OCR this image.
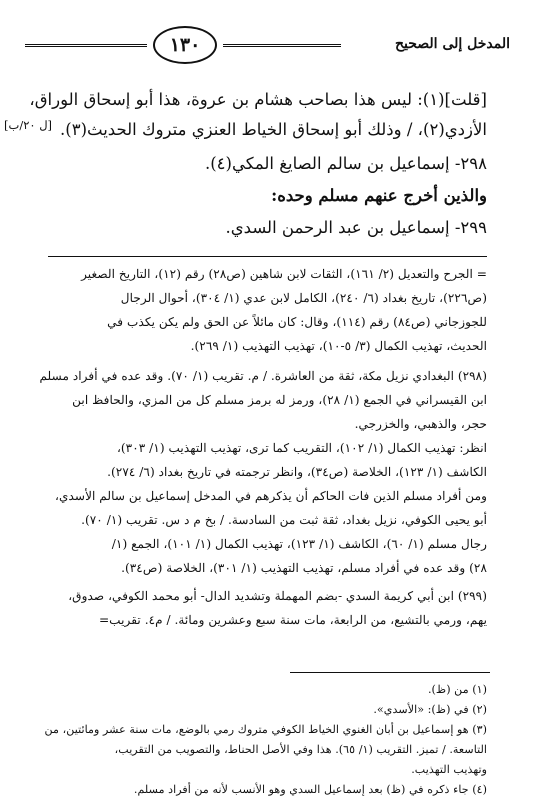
١٣٠	المدخل إلى الصحيح
[ل ٢٠/ب]
[قلت](١): ليس هذا بصاحب هشام بن عروة، هذا أبو إسحاق الوراق،
الأزدي(٢)، / وذلك أبو إسحاق الخياط العنزي متروك الحديث(٣).
٢٩٨- إسماعيل بن سالم الصايغ المكي(٤).
والذين أخرج عنهم مسلم وحده:
٢٩٩- إسماعيل بن عبد الرحمن السدي.
= الجرح والتعديل (٢/ ١٦١)، الثقات لابن شاهين (ص٢٨) رقم (١٢)، التاريخ الصغير
(ص٢٢٦)، تاريخ بغداد (٦/ ٢٤٠)، الكامل لابن عدي (١/ ٣٠٤)، أحوال الرجال
للجوزجاني (ص٨٤) رقم (١١٤)، وقال: كان مائلاً عن الحق ولم يكن يكذب في
الحديث، تهذيب الكمال (٣/ ٥-١٠)، تهذيب التهذيب (١/ ٢٦٩).
(٢٩٨) البغدادي نزيل مكة، ثقة من العاشرة. / م. تقريب (١/ ٧٠). وقد عده في أفراد مسلم
ابن القيسراني في الجمع (١/ ٢٨)، ورمز له برمز مسلم كل من المزي، والحافظ ابن
حجر، والذهبي، والخزرجي.
انظر: تهذيب الكمال (١/ ١٠٢)، التقريب كما ترى، تهذيب التهذيب (١/ ٣٠٣)،
الكاشف (١/ ١٢٣)، الخلاصة (ص٣٤)، وانظر ترجمته في تاريخ بغداد (٦/ ٢٧٤).
ومن أفراد مسلم الذين فات الحاكم أن يذكرهم في المدخل إسماعيل بن سالم الأسدي،
أبو يحيى الكوفي، نزيل بغداد، ثقة ثبت من السادسة. / بخ م د س. تقريب (١/ ٧٠).
رجال مسلم (١/ ٦٠)، الكاشف (١/ ١٢٣)، تهذيب الكمال (١/ ١٠١)، الجمع (١/
٢٨) وقد عده في أفراد مسلم، تهذيب التهذيب (١/ ٣٠١)، الخلاصة (ص٣٤).
(٢٩٩) ابن أبي كريمة السدي -بضم المهملة وتشديد الدال- أبو محمد الكوفي، صدوق،
يهم، ورمي بالتشيع، من الرابعة، مات سنة سبع وعشرين ومائة. / م٤. تقريب=
(١) من (ظ).
(٢) في (ظ): «الأسدي».
(٣) هو إسماعيل بن أبان الغنوي الخياط الكوفي متروك رمي بالوضع، مات سنة عشر ومائتين، من
التاسعة. / تميز. التقريب (١/ ٦٥). هذا وفي الأصل الحناط، والتصويب من التقريب،
وتهذيب التهذيب.
(٤) جاء ذكره في (ظ) بعد إسماعيل السدي وهو الأنسب لأنه من أفراد مسلم.
